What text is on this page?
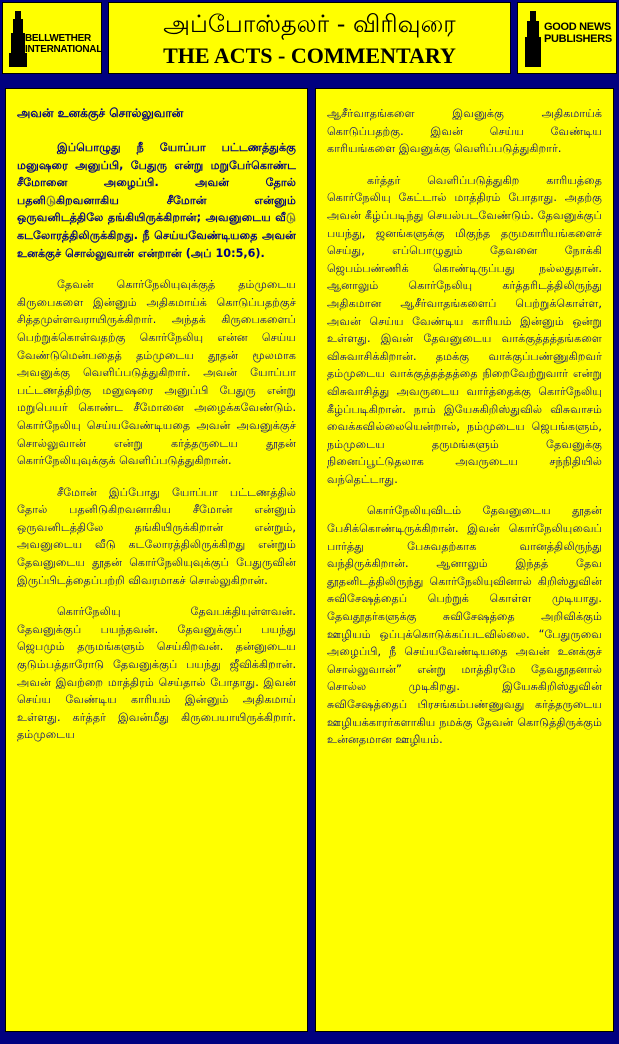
BELLWETHER
INTERNATIONAL
அப்போஸ்தலர் - விரிவுரை
THE ACTS - COMMENTARY
GOOD NEWS
PUBLISHERS
அவன் உனக்குச் சொல்லுவான்

இப்பொழுது நீ யோப்பா பட்டணத்துக்கு மனுஷரை அனுப்பி, பேதுரு என்று மறுபேர்கொண்ட சீமோனை அழைப்பி. அவன் தோல் பதனிடுகிறவனாகிய சீமோன் என்னும் ஒருவனிடத்திலே தங்கியிருக்கிறான்; அவனுடைய வீடு கடலோரத்திலிருக்கிறது. நீ செய்யவேண்டியதை அவன் உனக்குச் சொல்லுவான் என்றான் (அப் 10:5,6).

தேவன் கொர்நேலியுவுக்குத் தம்முடைய கிருபைகளை இன்னும் அதிகமாய்க் கொடுப்பதற்குச் சித்தமுள்ளவராயிருக்கிறார். அந்தக் கிருபைகளைப் பெற்றுக்கொள்வதற்கு கொர்நேலியு என்ன செய்ய வேண்டுமென்பதைத் தம்முடைய தூதன் மூலமாக அவனுக்கு வெளிப்படுத்துகிறார். அவன் யோப்பா பட்டணத்திற்கு மனுஷரை அனுப்பி பேதுரு என்று மறுபெயர் கொண்ட சீமோனை அழைக்கவேண்டும். கொர்நேலியு செய்யவேண்டியதை அவன் அவனுக்குச் சொல்லுவான் என்று கர்த்தருடைய தூதன் கொர்நேலியுவுக்குக் வெளிப்படுத்துகிறான்.

சீமோன் இப்போது யோப்பா பட்டணத்தில் தோல் பதனிடுகிறவனாகிய சீமோன் என்னும் ஒருவனிடத்திலே தங்கியிருக்கிறான் என்றும், அவனுடைய வீடு கடலோரத்திலிருக்கிறது என்றும் தேவனுடைய தூதன் கொர்நேலியுவுக்குப் பேதுருவின் இருப்பிடத்தைப்பற்றி விவரமாகச் சொல்லுகிறான்.

கொர்நேலியு தேவபக்தியுள்ளவன். தேவனுக்குப் பயந்தவன். தேவனுக்குப் பயந்து ஜெபமும் தருமங்களும் செய்கிறவன். தன்னுடைய குடும்பத்தாரோடு தேவனுக்குப் பயந்து ஜீவிக்கிறான். அவன் இவற்றை மாத்திரம் செய்தால் போதாது. இவன் செய்ய வேண்டிய காரியம் இன்னும் அதிகமாய் உள்ளது. கர்த்தர் இவன்மீது கிருபையாயிருக்கிறார். தம்முடைய

ஆசீர்வாதங்களை இவனுக்கு அதிகமாய்க் கொடுப்பதற்கு. இவன் செய்ய வேண்டிய காரியங்களை இவனுக்கு வெளிப்படுத்துகிறார்.

கர்த்தர் வெளிப்படுத்துகிற காரியத்தை கொர்நேலியு கேட்டால் மாத்திரம் போதாது. அதற்கு அவன் கீழ்ப்படிந்து செயல்படவேண்டும். தேவனுக்குப் பயந்து, ஜனங்களுக்கு மிகுந்த தருமகாரியங்களைச் செய்து, எப்பொழுதும் தேவனை நோக்கி ஜெபம்பண்ணிக் கொண்டிருப்பது நல்லதுதான். ஆனாலும் கொர்நேலியு கர்த்தரிடத்திலிருந்து அதிகமான ஆசீர்வாதங்களைப் பெற்றுக்கொள்ள, அவன் செய்ய வேண்டிய காரியம் இன்னும் ஒன்று உள்ளது. இவன் தேவனுடைய வாக்குத்தத்தங்களை விசுவாசிக்கிறான். தமக்கு வாக்குப்பண்ணுகிறவர் தம்முடைய வாக்குத்தத்தத்தை நிறைவேற்றுவார் என்று விசுவாசித்து அவருடைய வார்த்தைக்கு கொர்நேலியு கீழ்ப்படிகிறான். நாம் இயேசுகிறிஸ்துவில் விசுவாசம் வைக்கவில்லையென்றால், நம்முடைய ஜெபங்களும், நம்முடைய தருமங்களும் தேவனுக்கு நினைப்பூட்டுதலாக அவருடைய சந்நிதியில் வந்தெட்டாது.

கொர்நேலியுவிடம் தேவனுடைய தூதன் பேசிக்கொண்டிருக்கிறான். இவன் கொர்நேலியுவைப் பார்த்து பேசுவதற்காக வானத்திலிருந்து வந்திருக்கிறான். ஆனாலும் இந்தத் தேவ தூதனிடத்திலிருந்து கொர்நேலியுவினால் கிறிஸ்துவின் சுவிசேஷத்தைப் பெற்றுக் கொள்ள முடியாது. தேவதூதர்களுக்கு சுவிசேஷத்தை அறிவிக்கும் ஊழியம் ஒப்புக்கொடுக்கப்படவில்லை. “பேதுருவை அழைப்பி, நீ செய்யவேண்டியதை அவன் உனக்குச் சொல்லுவான்” என்று மாத்திரமே தேவதூதனால் சொல்ல முடிகிறது. இயேசுகிறிஸ்துவின் சுவிசேஷத்தைப் பிரசங்கம்பண்ணுவது கர்த்தருடைய ஊழியக்காரர்களாகிய நமக்கு தேவன் கொடுத்திருக்கும் உன்னதமான ஊழியம்.
